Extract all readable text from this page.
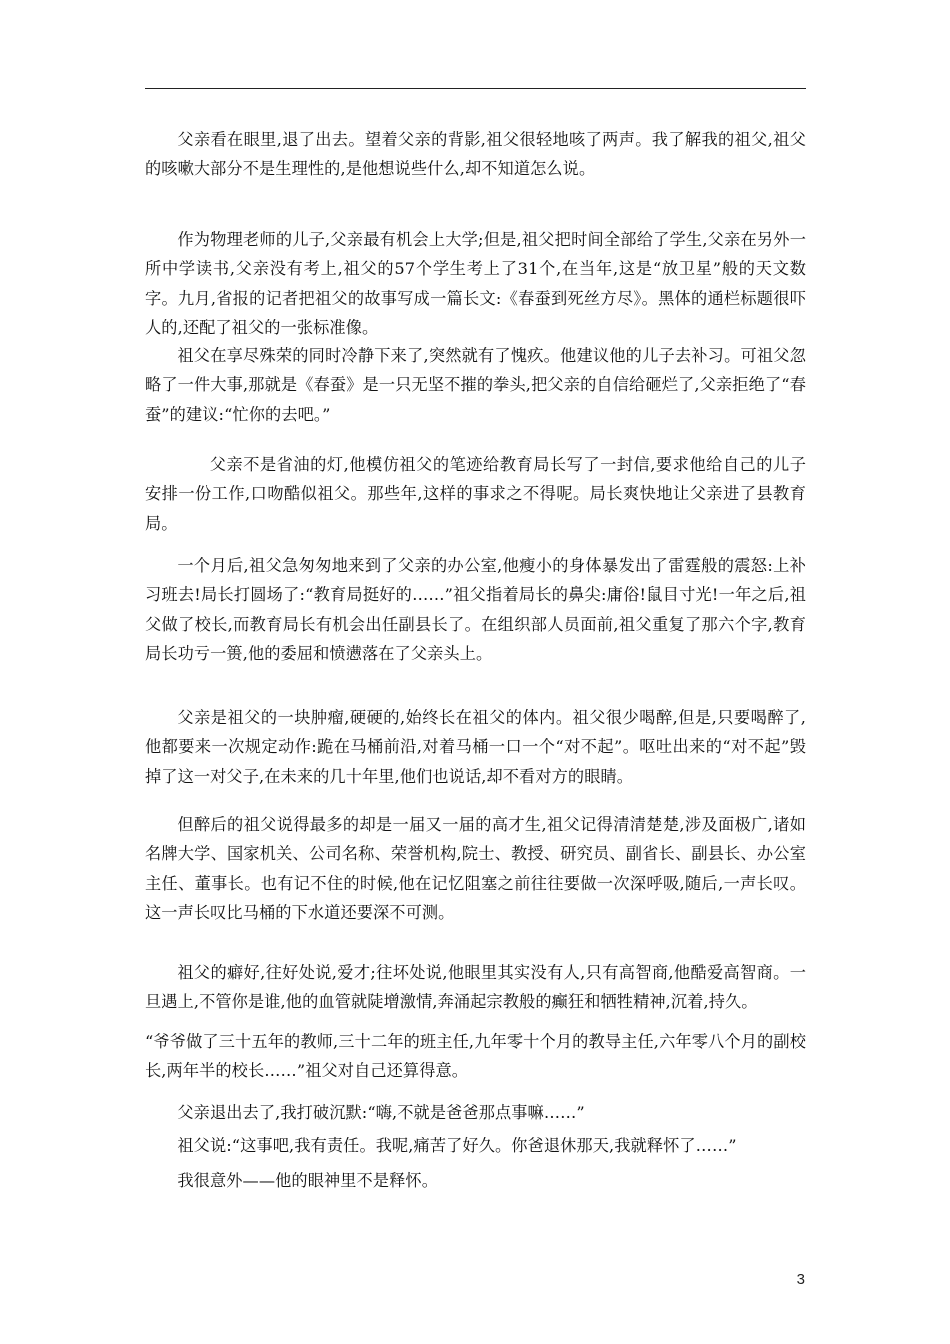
父亲看在眼里,退了出去。望着父亲的背影,祖父很轻地咳了两声。我了解我的祖父,祖父的咳嗽大部分不是生理性的,是他想说些什么,却不知道怎么说。

作为物理老师的儿子,父亲最有机会上大学;但是,祖父把时间全部给了学生,父亲在另外一所中学读书,父亲没有考上,祖父的57个学生考上了31个,在当年,这是“放卫星”般的天文数字。九月,省报的记者把祖父的故事写成一篇长文:《春蚕到死丝方尽》。黑体的通栏标题很吓人的,还配了祖父的一张标准像。

祖父在享尽殊荣的同时冷静下来了,突然就有了愧疚。他建议他的儿子去补习。可祖父忽略了一件大事,那就是《春蚕》是一只无坚不摧的拳头,把父亲的自信给砸烂了,父亲拒绝了“春蚕”的建议:“忙你的去吧。”

父亲不是省油的灯,他模仿祖父的笔迹给教育局长写了一封信,要求他给自己的儿子安排一份工作,口吻酷似祖父。那些年,这样的事求之不得呢。局长爽快地让父亲进了县教育局。

一个月后,祖父急匆匆地来到了父亲的办公室,他瘦小的身体暴发出了雷霆般的震怒:上补习班去!局长打圆场了:“教育局挺好的……”祖父指着局长的鼻尖:庸俗!鼠目寸光!一年之后,祖父做了校长,而教育局长有机会出任副县长了。在组织部人员面前,祖父重复了那六个字,教育局长功亏一篑,他的委屈和愤懑落在了父亲头上。

父亲是祖父的一块肿瘤,硬硬的,始终长在祖父的体内。祖父很少喝醉,但是,只要喝醉了,他都要来一次规定动作:跪在马桶前沿,对着马桶一口一个“对不起”。呕吐出来的“对不起”毁掉了这一对父子,在未来的几十年里,他们也说话,却不看对方的眼睛。

但醉后的祖父说得最多的却是一届又一届的高才生,祖父记得清清楚楚,涉及面极广,诸如名牌大学、国家机关、公司名称、荣誉机构,院士、教授、研究员、副省长、副县长、办公室主任、董事长。也有记不住的时候,他在记忆阻塞之前往往要做一次深呼吸,随后,一声长叹。这一声长叹比马桶的下水道还要深不可测。

祖父的癖好,往好处说,爱才;往坏处说,他眼里其实没有人,只有高智商,他酷爱高智商。一旦遇上,不管你是谁,他的血管就陡增激情,奔涌起宗教般的癫狂和牺牲精神,沉着,持久。

“爷爷做了三十五年的教师,三十二年的班主任,九年零十个月的教导主任,六年零八个月的副校长,两年半的校长……”祖父对自己还算得意。

父亲退出去了,我打破沉默:“嗨,不就是爸爸那点事嘛……”

祖父说:“这事吧,我有责任。我呢,痛苦了好久。你爸退休那天,我就释怀了……”

我很意外——他的眼神里不是释怀。

3
